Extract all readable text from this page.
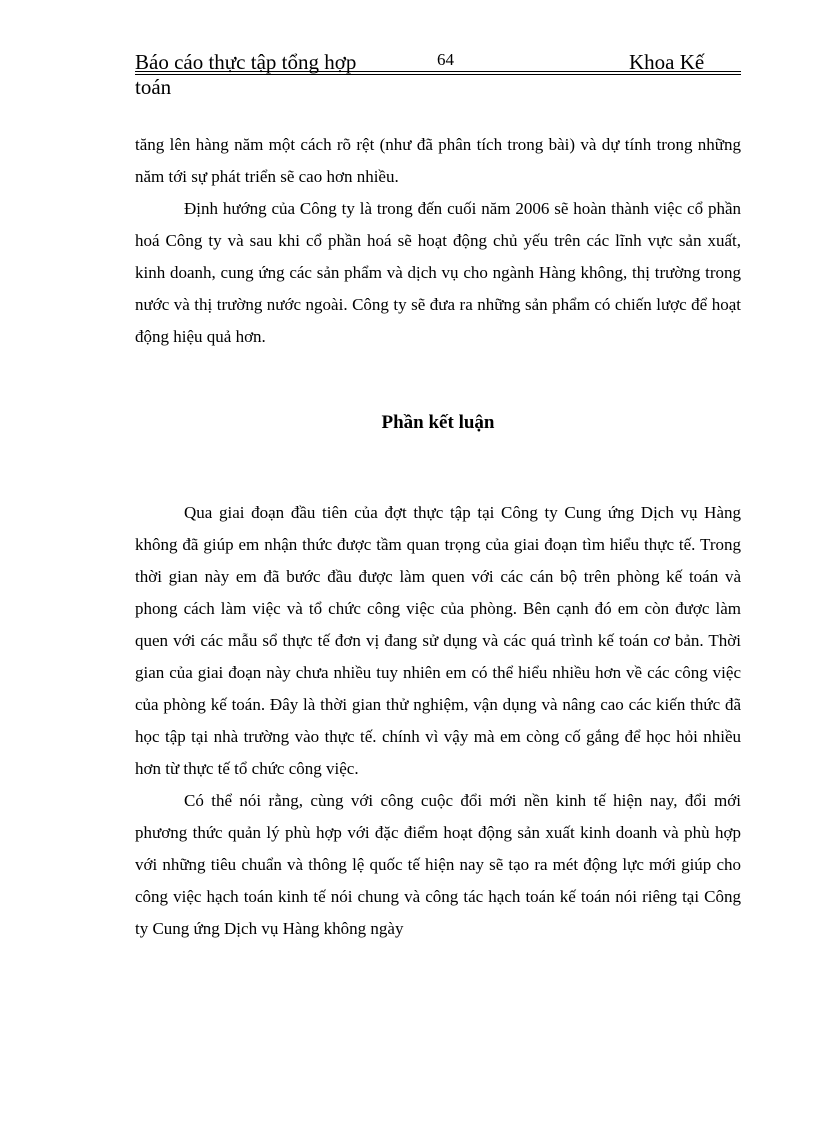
Báo cáo thực tập tổng hợp	64	Khoa Kế
toán

tăng lên hàng năm một cách rõ rệt (như đã phân tích trong bài) và dự tính trong những năm tới sự phát triển sẽ cao hơn nhiều.

Định hướng của Công ty là trong đến cuối năm 2006 sẽ hoàn thành việc cổ phần hoá Công ty và sau khi cổ phần hoá sẽ hoạt động chủ yếu trên các lĩnh vực sản xuất, kinh doanh, cung ứng các sản phẩm và dịch vụ cho ngành Hàng không, thị trường trong nước và thị trường nước ngoài. Công ty sẽ đưa ra những sản phẩm có chiến lược để hoạt động hiệu quả hơn.

Phần kết luận

Qua giai đoạn đầu tiên của đợt thực tập tại Công ty Cung ứng Dịch vụ Hàng không đã giúp em nhận thức được tầm quan trọng của giai đoạn tìm hiểu thực tế. Trong thời gian này em đã bước đầu được làm quen với các cán bộ trên phòng kế toán và phong cách làm việc và tổ chức công việc của phòng. Bên cạnh đó em còn được làm quen với các mẫu sổ thực tế đơn vị đang sử dụng và các quá trình kế toán cơ bản. Thời gian của giai đoạn này chưa nhiều tuy nhiên em có thể hiểu nhiều hơn về các công việc của phòng kế toán. Đây là thời gian thử nghiệm, vận dụng và nâng cao các kiến thức đã học tập tại nhà trường vào thực tế. chính vì vậy mà em còng cố gắng để học hỏi nhiều hơn từ thực tế tổ chức công việc.

Có thể nói rằng, cùng với công cuộc đổi mới nền kinh tế hiện nay, đổi mới phương thức quản lý phù hợp với đặc điểm hoạt động sản xuất kinh doanh và phù hợp với những tiêu chuẩn và thông lệ quốc tế hiện nay sẽ tạo ra mét động lực mới giúp cho công việc hạch toán kinh tế nói chung và công tác hạch toán kế toán nói riêng tại Công ty Cung ứng Dịch vụ Hàng không ngày
